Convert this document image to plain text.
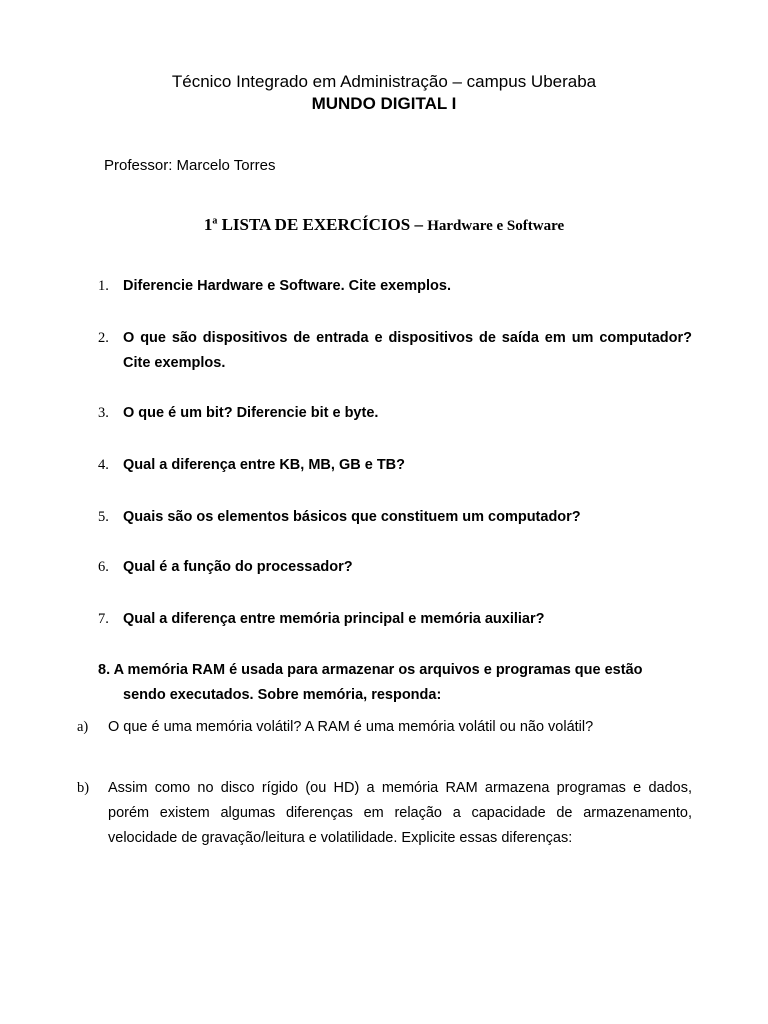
Técnico Integrado em Administração – campus Uberaba
MUNDO DIGITAL I
Professor: Marcelo Torres
1$^a$ LISTA DE EXERCÍCIOS – Hardware e Software
1. Diferencie Hardware e Software. Cite exemplos.
2. O que são dispositivos de entrada e dispositivos de saída em um computador? Cite exemplos.
3. O que é um bit? Diferencie bit e byte.
4. Qual a diferença entre KB, MB, GB e TB?
5. Quais são os elementos básicos que constituem um computador?
6. Qual é a função do processador?
7. Qual a diferença entre memória principal e memória auxiliar?
8. A memória RAM é usada para armazenar os arquivos e programas que estão
sendo executados. Sobre memória, responda:
a) O que é uma memória volátil? A RAM é uma memória volátil ou não volátil?
b) Assim como no disco rígido (ou HD) a memória RAM armazena programas e dados, porém existem algumas diferenças em relação a capacidade de armazenamento, velocidade de gravação/leitura e volatilidade. Explicite essas diferenças:
